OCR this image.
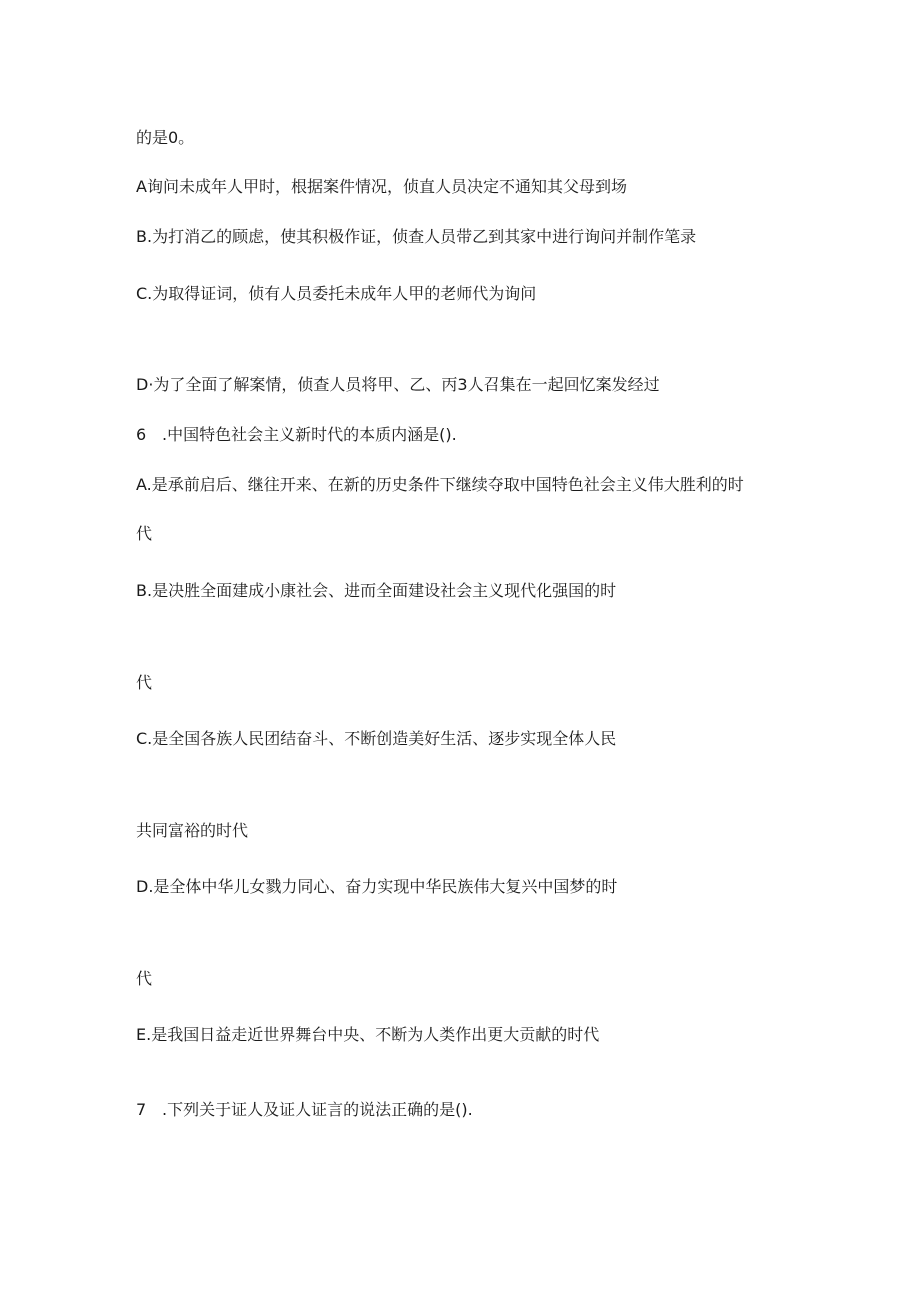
的是0。
A询问未成年人甲时，根据案件情况，侦直人员决定不通知其父母到场
B.为打消乙的顾虑，使其积极作证，侦查人员带乙到其家中进行询问并制作笔录
C.为取得证词，侦有人员委托未成年人甲的老师代为询问
D·为了全面了解案情，侦查人员将甲、乙、丙3人召集在一起回忆案发经过
6 .中国特色社会主义新时代的本质内涵是().
A.是承前启后、继往开来、在新的历史条件下继续夺取中国特色社会主义伟大胜利的时
代
B.是决胜全面建成小康社会、进而全面建设社会主义现代化强国的时
代
C.是全国各族人民团结奋斗、不断创造美好生活、逐步实现全体人民
共同富裕的时代
D.是全体中华儿女戮力同心、奋力实现中华民族伟大复兴中国梦的时
代
E.是我国日益走近世界舞台中央、不断为人类作出更大贡献的时代
7 .下列关于证人及证人证言的说法正确的是().
